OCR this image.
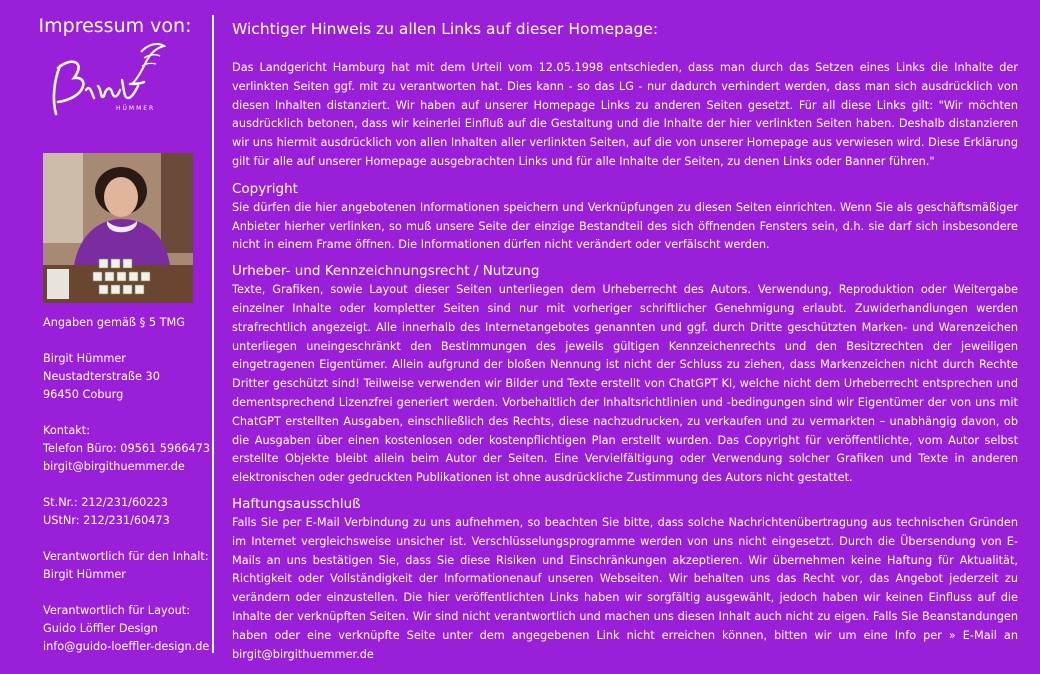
Impressum von:
HÜMMER

Angaben gemäß § 5 TMG

Birgit Hümmer
Neustadterstraße 30
96450 Coburg

Kontakt:
Telefon Büro: 09561 5966473
birgit@birgithuemmer.de

St.Nr.: 212/231/60223
UStNr: 212/231/60473

Verantwortlich für den Inhalt:
Birgit Hümmer

Verantwortlich für Layout:
Guido Löffler Design
info@guido-loeffler-design.de

Wichtiger Hinweis zu allen Links auf dieser Homepage:

Das Landgericht Hamburg hat mit dem Urteil vom 12.05.1998 entschieden, dass man durch das Setzen eines Links die Inhalte der verlinkten Seiten ggf. mit zu verantworten hat. Dies kann - so das LG - nur dadurch verhindert werden, dass man sich ausdrücklich von diesen Inhalten distanziert. Wir haben auf unserer Homepage Links zu anderen Seiten gesetzt. Für all diese Links gilt: "Wir möchten ausdrücklich betonen, dass wir keinerlei Einfluß auf die Gestaltung und die Inhalte der hier verlinkten Seiten haben. Deshalb distanzieren wir uns hiermit ausdrücklich von allen Inhalten aller verlinkten Seiten, auf die von unserer Homepage aus verwiesen wird. Diese Erklärung gilt für alle auf unserer Homepage ausgebrachten Links und für alle Inhalte der Seiten, zu denen Links oder Banner führen."

Copyright

Sie dürfen die hier angebotenen Informationen speichern und Verknüpfungen zu diesen Seiten einrichten. Wenn Sie als geschäftsmäßiger Anbieter hierher verlinken, so muß unsere Seite der einzige Bestandteil des sich öffnenden Fensters sein, d.h. sie darf sich insbesondere nicht in einem Frame öffnen. Die Informationen dürfen nicht verändert oder verfälscht werden.

Urheber- und Kennzeichnungsrecht / Nutzung

Texte, Grafiken, sowie Layout dieser Seiten unterliegen dem Urheberrecht des Autors. Verwendung, Reproduktion oder Weitergabe einzelner Inhalte oder kompletter Seiten sind nur mit vorheriger schriftlicher Genehmigung erlaubt. Zuwiderhandlungen werden strafrechtlich angezeigt. Alle innerhalb des Internetangebotes genannten und ggf. durch Dritte geschützten Marken- und Warenzeichen unterliegen uneingeschränkt den Bestimmungen des jeweils gültigen Kennzeichenrechts und den Besitzrechten der jeweiligen eingetragenen Eigentümer. Allein aufgrund der bloßen Nennung ist nicht der Schluss zu ziehen, dass Markenzeichen nicht durch Rechte Dritter geschützt sind! Teilweise verwenden wir Bilder und Texte erstellt von ChatGPT KI, welche nicht dem Urheberrecht entsprechen und dementsprechend Lizenzfrei generiert werden. Vorbehaltlich der Inhaltsrichtlinien und -bedingungen sind wir Eigentümer der von uns mit ChatGPT erstellten Ausgaben, einschließlich des Rechts, diese nachzudrucken, zu verkaufen und zu vermarkten – unabhängig davon, ob die Ausgaben über einen kostenlosen oder kostenpflichtigen Plan erstellt wurden. Das Copyright für veröffentlichte, vom Autor selbst erstellte Objekte bleibt allein beim Autor der Seiten. Eine Vervielfältigung oder Verwendung solcher Grafiken und Texte in anderen elektronischen oder gedruckten Publikationen ist ohne ausdrückliche Zustimmung des Autors nicht gestattet.

Haftungsausschluß

Falls Sie per E-Mail Verbindung zu uns aufnehmen, so beachten Sie bitte, dass solche Nachrichtenübertragung aus technischen Gründen im Internet vergleichsweise unsicher ist. Verschlüsselungsprogramme werden von uns nicht eingesetzt. Durch die Übersendung von E-Mails an uns bestätigen Sie, dass Sie diese Risiken und Einschränkungen akzeptieren. Wir übernehmen keine Haftung für Aktualität, Richtigkeit oder Vollständigkeit der Informationenauf unseren Webseiten. Wir behalten uns das Recht vor, das Angebot jederzeit zu verändern oder einzustellen. Die hier veröffentlichten Links haben wir sorgfältig ausgewählt, jedoch haben wir keinen Einfluss auf die Inhalte der verknüpften Seiten. Wir sind nicht verantwortlich und machen uns diesen Inhalt auch nicht zu eigen. Falls Sie Beanstandungen haben oder eine verknüpfte Seite unter dem angegebenen Link nicht erreichen können, bitten wir um eine Info per » E-Mail an birgit@birgithuemmer.de
